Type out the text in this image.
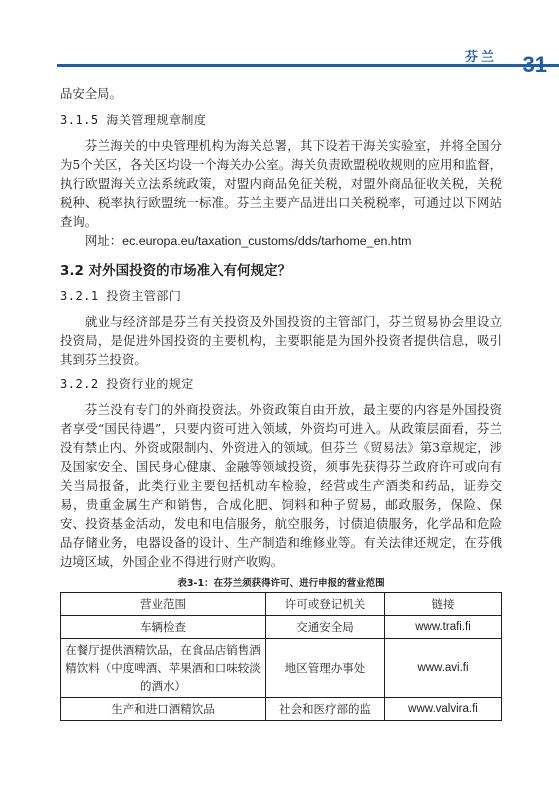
芬兰 31

品安全局。

3.1.5 海关管理规章制度

芬兰海关的中央管理机构为海关总署，其下设若干海关实验室，并将全国分为5个关区，各关区均设一个海关办公室。海关负责欧盟税收规则的应用和监督，执行欧盟海关立法系统政策，对盟内商品免征关税，对盟外商品征收关税，关税税种、税率执行欧盟统一标准。芬兰主要产品进出口关税税率，可通过以下网站查询。

网址：ec.europa.eu/taxation_customs/dds/tarhome_en.htm
3.2 对外国投资的市场准入有何规定？
3.2.1 投资主管部门

就业与经济部是芬兰有关投资及外国投资的主管部门，芬兰贸易协会里设立投资局，是促进外国投资的主要机构，主要职能是为国外投资者提供信息，吸引其到芬兰投资。

3.2.2 投资行业的规定

芬兰没有专门的外商投资法。外资政策自由开放，最主要的内容是外国投资者享受“国民待遇”，只要内资可进入领域，外资均可进入。从政策层面看，芬兰没有禁止内、外资或限制内、外资进入的领域。但芬兰《贸易法》第3章规定，涉及国家安全、国民身心健康、金融等领域投资，须事先获得芬兰政府许可或向有关当局报备，此类行业主要包括机动车检验，经营或生产酒类和药品，证券交易，贵重金属生产和销售，合成化肥、饲料和种子贸易，邮政服务，保险、保安、投资基金活动，发电和电信服务，航空服务，讨债追债服务，化学品和危险品存储业务，电器设备的设计、生产制造和维修业等。有关法律还规定，在芬俄边境区域，外国企业不得进行财产收购。

表3-1：在芬兰须获得许可、进行申报的营业范围
营业范围	许可或登记机关	链接
车辆检查	交通安全局	www.trafi.fi
在餐厅提供酒精饮品，在食品店销售酒精饮料（中度啤酒、苹果酒和口味较淡的酒水）	地区管理办事处	www.avi.fi
生产和进口酒精饮品	社会和医疗部的监	www.valvira.fi
